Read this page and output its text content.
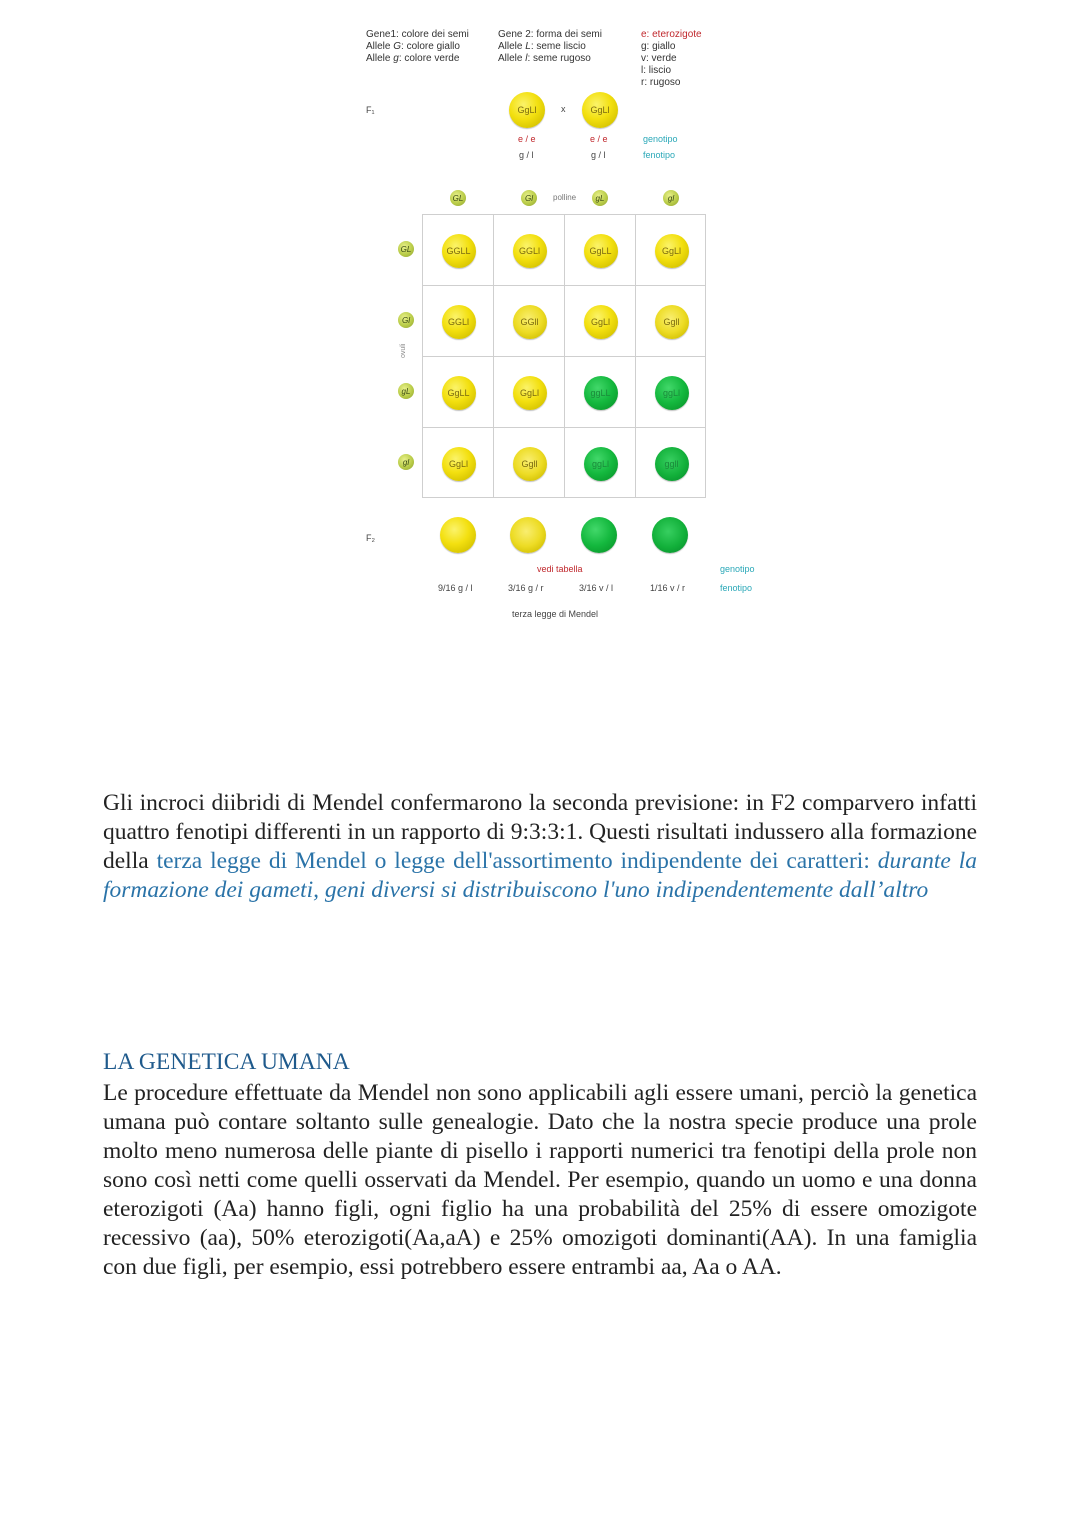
Gene1: colore dei semi
Allele G: colore giallo
Allele g: colore verde
Gene 2: forma dei semi
Allele L: seme liscio
Allele l: seme rugoso
e: eterozigote
g: giallo
v: verde
l: liscio
r: rugoso
F₁	GgLl	x	GgLl
e / e
g / l
e / e
g / l
genotipo
fenotipo
GL	Gl	polline	gL	gl
GL
Gl
ovuli
gL
gl
GGLL	GGLl	GgLL	GgLl
GGLl	GGll	GgLl	Ggll
GgLL	GgLl	ggLL	ggLl
GgLl	Ggll	ggLl	ggll
F₂
9/16 g / l	3/16 g / r	3/16 v / l	1/16 v / r
vedi tabella	genotipo
fenotipo
terza legge di Mendel
Gli incroci diibridi di Mendel confermarono la seconda previsione: in F2 comparvero infatti quattro fenotipi differenti in un rapporto di 9:3:3:1. Questi risultati indussero alla formazione della terza legge di Mendel o legge dell'assortimento indipendente dei caratteri: durante la formazione dei gameti, geni diversi si distribuiscono l'uno indipendentemente dall’altro
LA GENETICA UMANA
Le procedure effettuate da Mendel non sono applicabili agli essere umani, perciò la genetica umana può contare soltanto sulle genealogie. Dato che la nostra specie produce una prole molto meno numerosa delle piante di pisello i rapporti numerici tra fenotipi della prole non sono così netti come quelli osservati da Mendel. Per esempio, quando un uomo e una donna eterozigoti (Aa) hanno figli, ogni figlio ha una probabilità del 25% di essere omozigote recessivo (aa), 50% eterozigoti(Aa,aA) e 25% omozigoti dominanti(AA). In una famiglia con due figli, per esempio, essi potrebbero essere entrambi aa, Aa o AA.
